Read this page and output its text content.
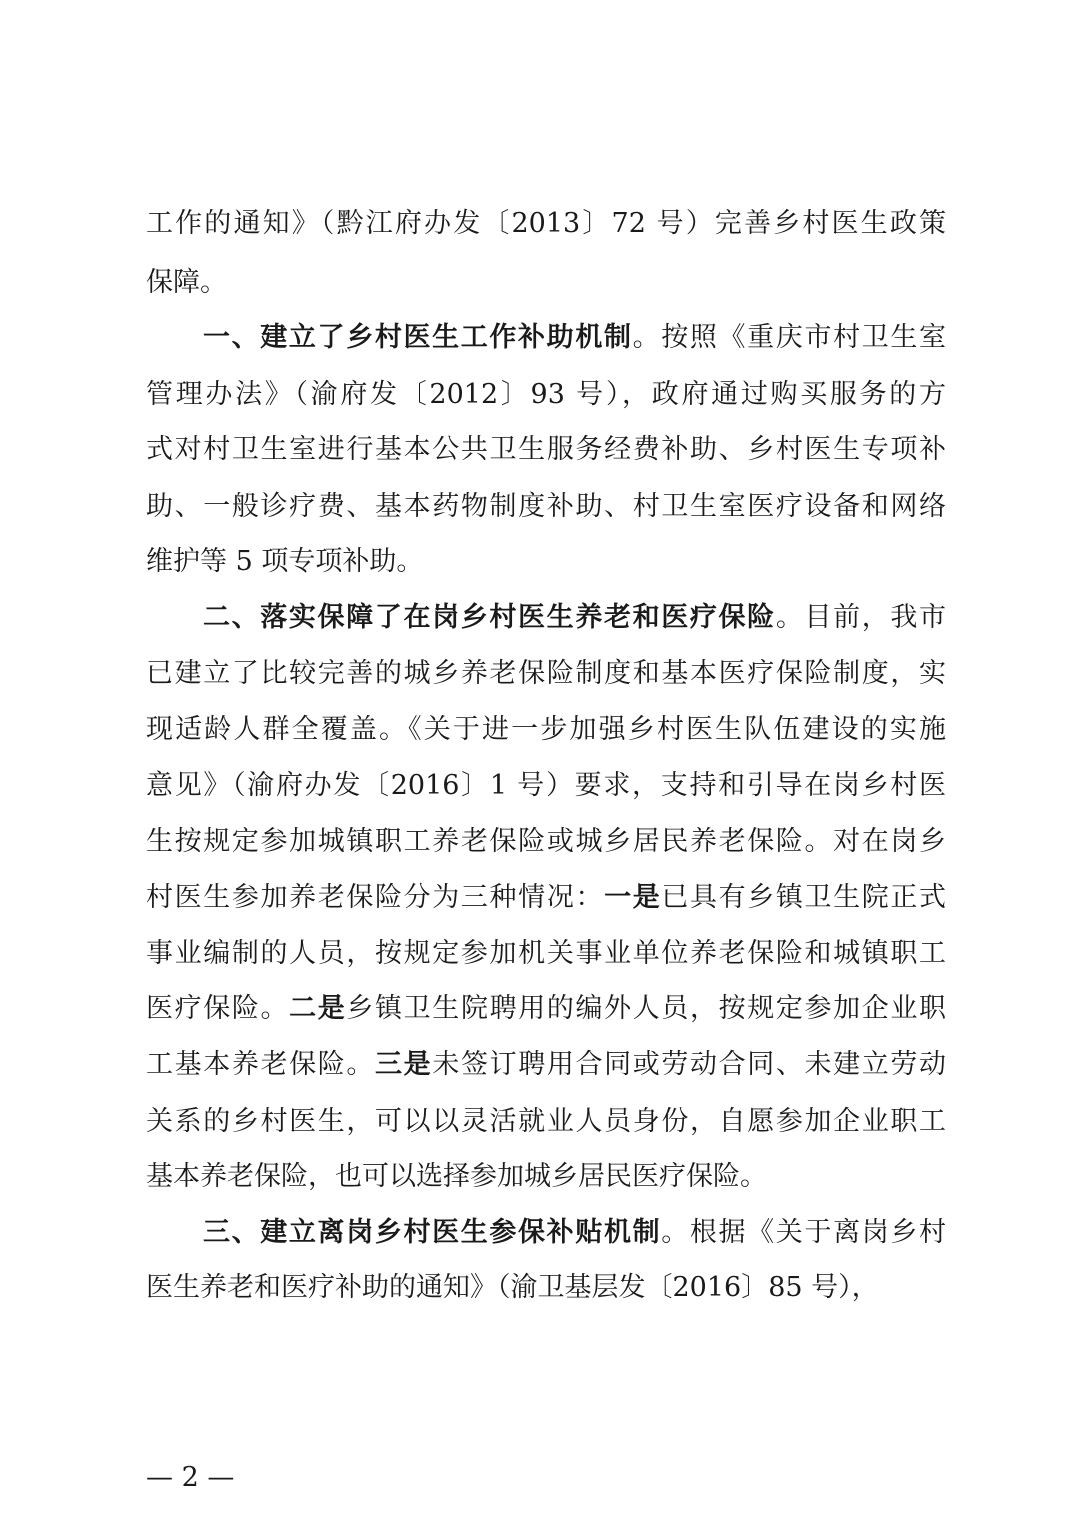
工作的通知》（黔江府办发〔2013〕72 号）完善乡村医生政策
保障。
一、建立了乡村医生工作补助机制。按照《重庆市村卫生室
管理办法》（渝府发〔2012〕93 号），政府通过购买服务的方
式对村卫生室进行基本公共卫生服务经费补助、乡村医生专项补
助、一般诊疗费、基本药物制度补助、村卫生室医疗设备和网络
维护等 5 项专项补助。
二、落实保障了在岗乡村医生养老和医疗保险。目前，我市
已建立了比较完善的城乡养老保险制度和基本医疗保险制度，实
现适龄人群全覆盖。《关于进一步加强乡村医生队伍建设的实施
意见》（渝府办发〔2016〕1 号）要求，支持和引导在岗乡村医
生按规定参加城镇职工养老保险或城乡居民养老保险。对在岗乡
村医生参加养老保险分为三种情况：一是已具有乡镇卫生院正式
事业编制的人员，按规定参加机关事业单位养老保险和城镇职工
医疗保险。二是乡镇卫生院聘用的编外人员，按规定参加企业职
工基本养老保险。三是未签订聘用合同或劳动合同、未建立劳动
关系的乡村医生，可以以灵活就业人员身份，自愿参加企业职工
基本养老保险，也可以选择参加城乡居民医疗保险。
三、建立离岗乡村医生参保补贴机制。根据《关于离岗乡村
医生养老和医疗补助的通知》（渝卫基层发〔2016〕85 号），
— 2 —
